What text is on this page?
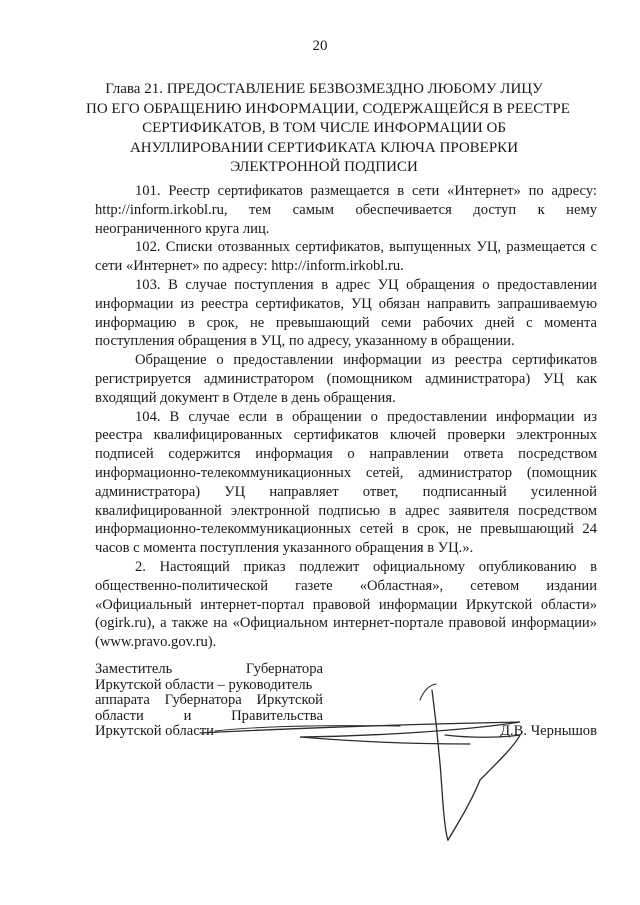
20
Глава 21. ПРЕДОСТАВЛЕНИЕ БЕЗВОЗМЕЗДНО ЛЮБОМУ ЛИЦУ
ПО ЕГО ОБРАЩЕНИЮ ИНФОРМАЦИИ, СОДЕРЖАЩЕЙСЯ В РЕЕСТРЕ
СЕРТИФИКАТОВ, В ТОМ ЧИСЛЕ ИНФОРМАЦИИ ОБ
АНУЛЛИРОВАНИИ СЕРТИФИКАТА КЛЮЧА ПРОВЕРКИ
ЭЛЕКТРОННОЙ ПОДПИСИ

101. Реестр сертификатов размещается в сети «Интернет» по адресу: http://inform.irkobl.ru, тем самым обеспечивается доступ к нему неограниченного круга лиц.

102. Списки отозванных сертификатов, выпущенных УЦ, размещается с сети «Интернет» по адресу: http://inform.irkobl.ru.

103. В случае поступления в адрес УЦ обращения о предоставлении информации из реестра сертификатов, УЦ обязан направить запрашиваемую информацию в срок, не превышающий семи рабочих дней с момента поступления обращения в УЦ, по адресу, указанному в обращении.

Обращение о предоставлении информации из реестра сертификатов регистрируется администратором (помощником администратора) УЦ как входящий документ в Отделе в день обращения.

104. В случае если в обращении о предоставлении информации из реестра квалифицированных сертификатов ключей проверки электронных подписей содержится информация о направлении ответа посредством информационно-телекоммуникационных сетей, администратор (помощник администратора) УЦ направляет ответ, подписанный усиленной квалифицированной электронной подписью в адрес заявителя посредством информационно-телекоммуникационных сетей в срок, не превышающий 24 часов с момента поступления указанного обращения в УЦ.».

2. Настоящий приказ подлежит официальному опубликованию в общественно-политической газете «Областная», сетевом издании «Официальный интернет-портал правовой информации Иркутской области» (ogirk.ru), а также на «Официальном интернет-портале правовой информации» (www.pravo.gov.ru).

Заместитель	Губернатора
Иркутской области – руководитель
аппарата Губернатора Иркутской
области	и	Правительства
Иркутской области	Д.В. Чернышов
